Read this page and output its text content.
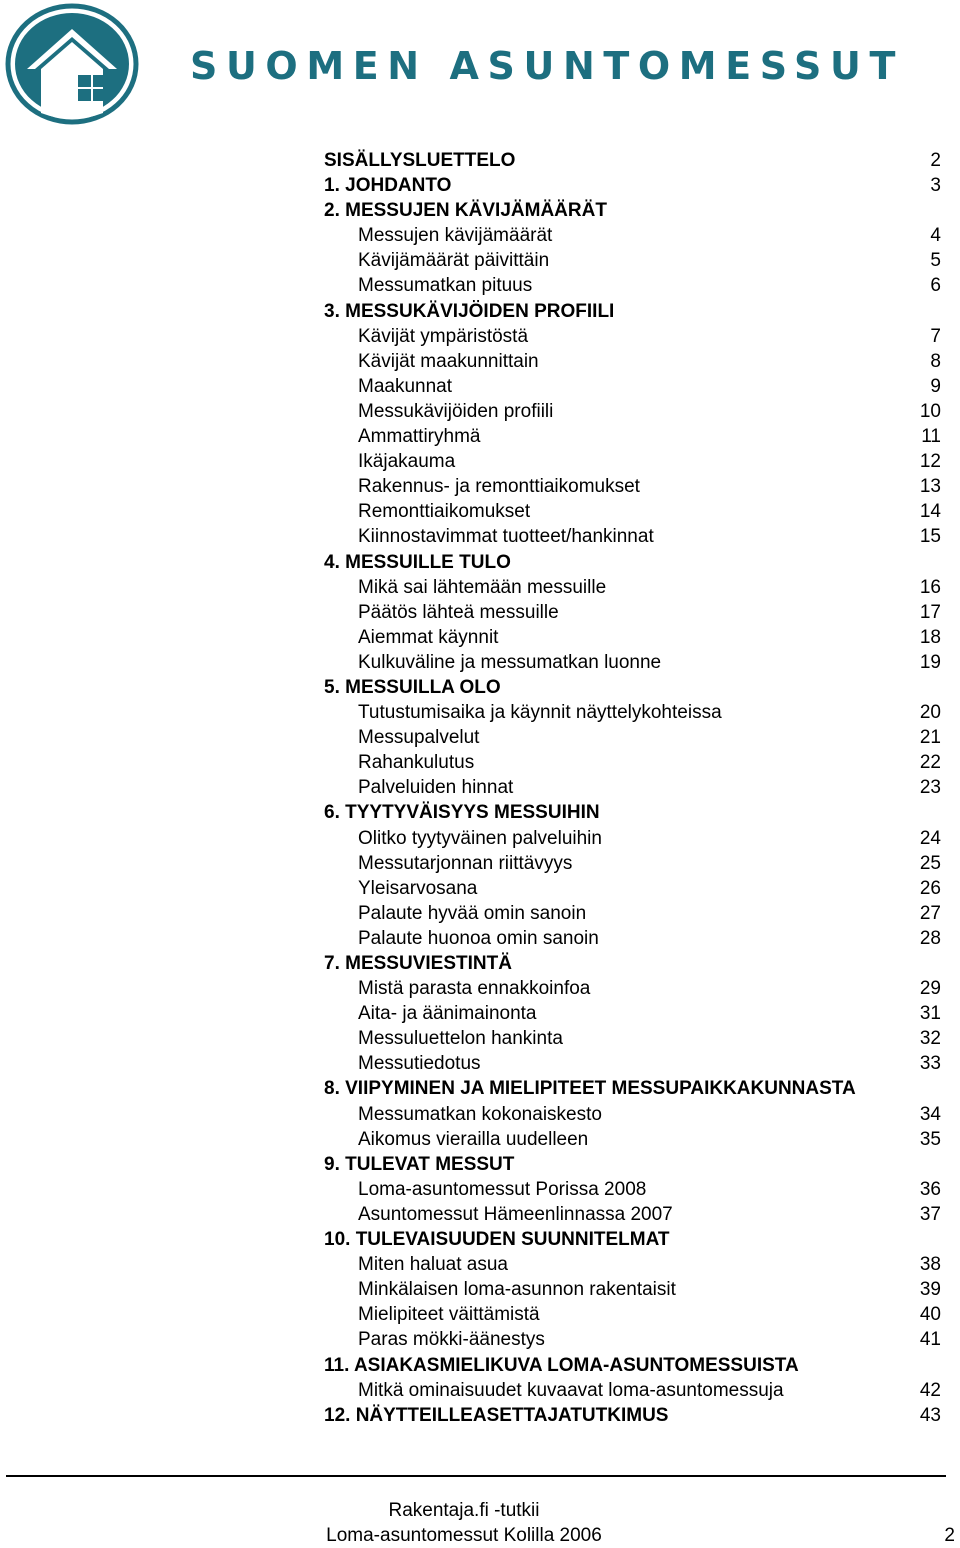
SUOMEN ASUNTOMESSUT
SISÄLLYSLUETTELO	2
1. JOHDANTO	3
2. MESSUJEN KÄVIJÄMÄÄRÄT
Messujen kävijämäärät	4
Kävijämäärät päivittäin	5
Messumatkan pituus	6
3. MESSUKÄVIJÖIDEN PROFIILI
Kävijät ympäristöstä	7
Kävijät maakunnittain	8
Maakunnat	9
Messukävijöiden profiili	10
Ammattiryhmä	11
Ikäjakauma	12
Rakennus- ja remonttiaikomukset	13
Remonttiaikomukset	14
Kiinnostavimmat tuotteet/hankinnat	15
4. MESSUILLE TULO
Mikä sai lähtemään messuille	16
Päätös lähteä messuille	17
Aiemmat käynnit	18
Kulkuväline ja messumatkan luonne	19
5. MESSUILLA OLO
Tutustumisaika ja käynnit näyttelykohteissa	20
Messupalvelut	21
Rahankulutus	22
Palveluiden hinnat	23
6. TYYTYVÄISYYS MESSUIHIN
Olitko tyytyväinen palveluihin	24
Messutarjonnan riittävyys	25
Yleisarvosana	26
Palaute hyvää omin sanoin	27
Palaute huonoa omin sanoin	28
7. MESSUVIESTINTÄ
Mistä parasta ennakkoinfoa	29
Aita- ja äänimainonta	31
Messuluettelon hankinta	32
Messutiedotus	33
8. VIIPYMINEN JA MIELIPITEET MESSUPAIKKAKUNNASTA
Messumatkan kokonaiskesto	34
Aikomus vierailla uudelleen	35
9. TULEVAT MESSUT
Loma-asuntomessut Porissa 2008	36
Asuntomessut Hämeenlinnassa 2007	37
10. TULEVAISUUDEN SUUNNITELMAT
Miten haluat asua	38
Minkälaisen loma-asunnon rakentaisit	39
Mielipiteet väittämistä	40
Paras mökki-äänestys	41
11. ASIAKASMIELIKUVA LOMA-ASUNTOMESSUISTA
Mitkä ominaisuudet kuvaavat loma-asuntomessuja	42
12. NÄYTTEILLEASETTAJATUTKIMUS	43
Rakentaja.fi -tutkii
Loma-asuntomessut Kolilla 2006	2
